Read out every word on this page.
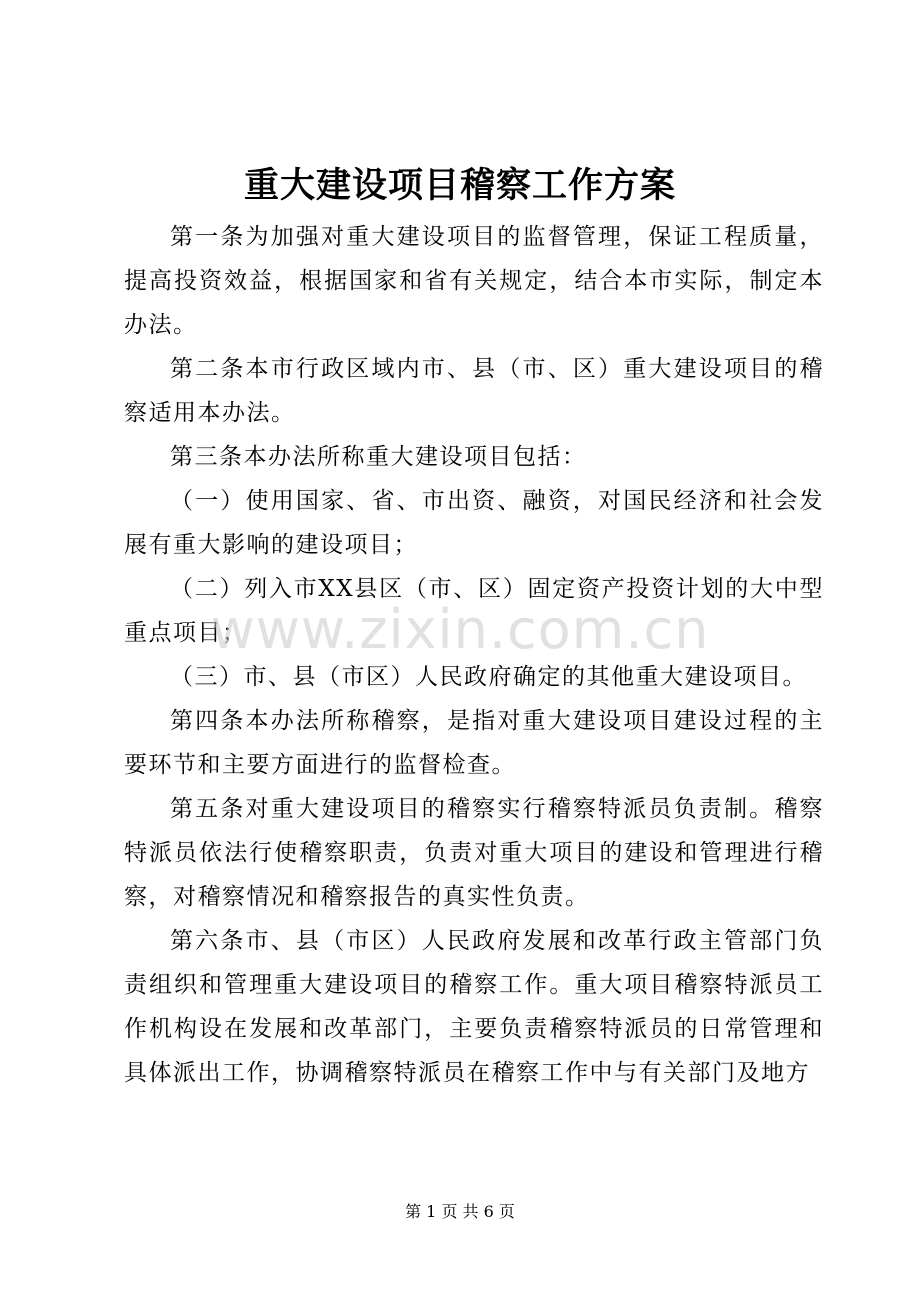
重大建设项目稽察工作方案

第一条为加强对重大建设项目的监督管理，保证工程质量，提高投资效益，根据国家和省有关规定，结合本市实际，制定本办法。

第二条本市行政区域内市、县（市、区）重大建设项目的稽察适用本办法。

第三条本办法所称重大建设项目包括：

（一）使用国家、省、市出资、融资，对国民经济和社会发展有重大影响的建设项目；

（二）列入市XX县区（市、区）固定资产投资计划的大中型重点项目；

（三）市、县（市区）人民政府确定的其他重大建设项目。

第四条本办法所称稽察，是指对重大建设项目建设过程的主要环节和主要方面进行的监督检查。

第五条对重大建设项目的稽察实行稽察特派员负责制。稽察特派员依法行使稽察职责，负责对重大项目的建设和管理进行稽察，对稽察情况和稽察报告的真实性负责。

第六条市、县（市区）人民政府发展和改革行政主管部门负责组织和管理重大建设项目的稽察工作。重大项目稽察特派员工作机构设在发展和改革部门，主要负责稽察特派员的日常管理和具体派出工作，协调稽察特派员在稽察工作中与有关部门及地方

www.zixin.com.cn
第 1 页 共 6 页
